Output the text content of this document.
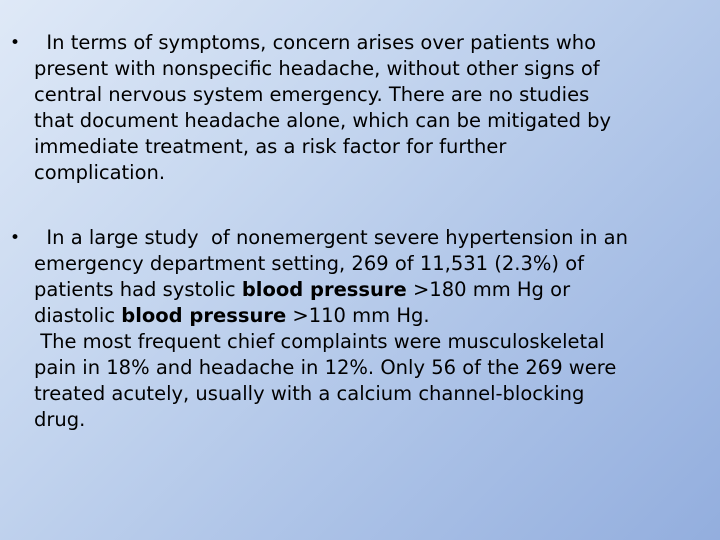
• In terms of symptoms, concern arises over patients who
present with nonspecific headache, without other signs of
central nervous system emergency. There are no studies
that document headache alone, which can be mitigated by
immediate treatment, as a risk factor for further
complication.
• In a large study  of nonemergent severe hypertension in an
emergency department setting, 269 of 11,531 (2.3%) of
patients had systolic blood pressure >180 mm Hg or
diastolic blood pressure >110 mm Hg.
The most frequent chief complaints were musculoskeletal
pain in 18% and headache in 12%. Only 56 of the 269 were
treated acutely, usually with a calcium channel-blocking
drug.
